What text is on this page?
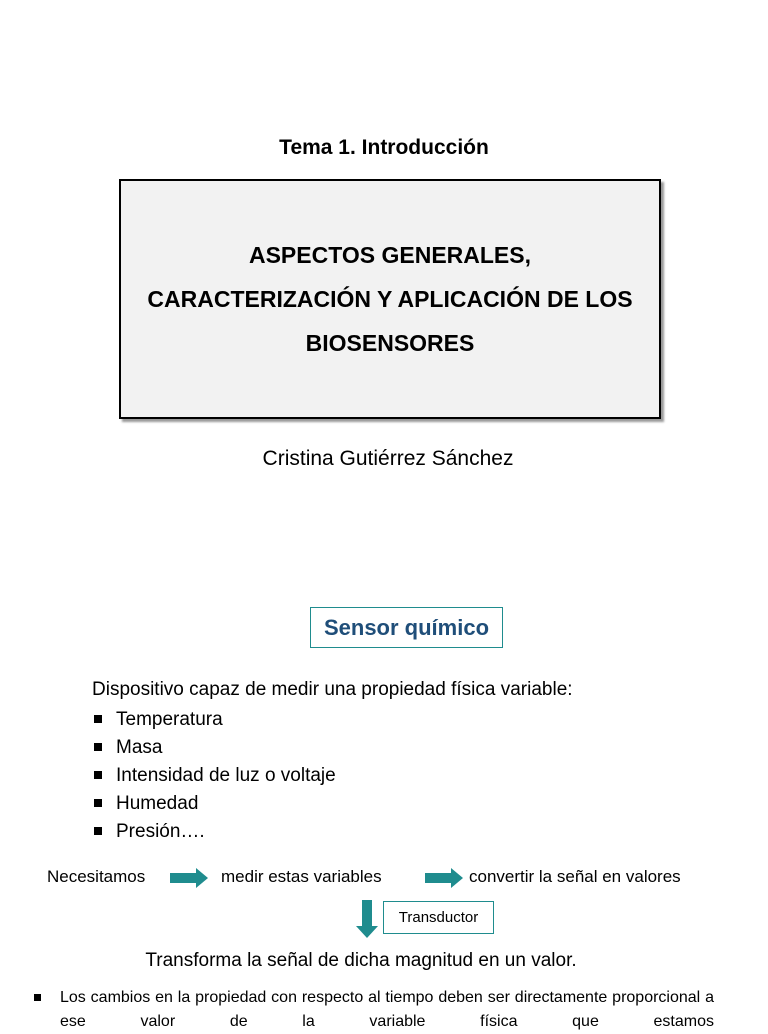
Tema 1. Introducción
ASPECTOS GENERALES,
CARACTERIZACIÓN Y APLICACIÓN DE LOS
BIOSENSORES
Cristina Gutiérrez Sánchez
Sensor químico
Dispositivo capaz de medir una propiedad física variable:
Temperatura
Masa
Intensidad de luz o voltaje
Humedad
Presión….
Necesitamos	medir estas variables	convertir la señal en valores
Transductor
Transforma la señal de dicha magnitud en un valor.

Los cambios en la propiedad con respecto al tiempo deben ser directamente proporcional a ese valor de la variable física que estamos
